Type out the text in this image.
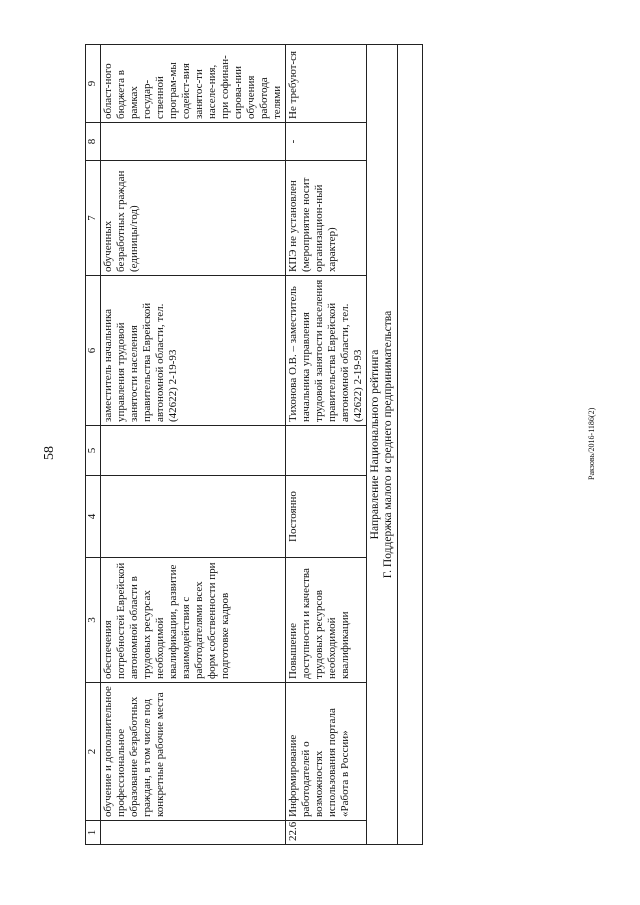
58	Ракзовь/2016-1186(2)
1	2	3	4	5	6	7	8	9
	обучение и дополнительное профессиональное образование безработных граждан, в том числе под конкретные рабочие места	обеспечения потребностей Еврейской автономной области в трудовых ресурсах необходимой квалификации, развитие взаимодействия с работодателями всех форм собственности при подготовке кадров			заместитель начальника управления трудовой занятости населения правительства Еврейской автономной области, тел. (42622) 2-19-93	обученных безработных граждан (единицы/год)		област-ного бюджета в рамках государ-ственной програм-мы содейст-вия занятос-ти населе-ния, при софинан-сирова-нии обучения работода телями
22.6	Информирование работодателей о возможностях использования портала «Работа в России»	Повышение доступности и качества трудовых ресурсов необходимой квалификации	Постоянно		Тихонова О.В. – заместитель начальника управления трудовой занятости населения правительства Еврейской автономной области, тел. (42622) 2-19-93	КПЭ не установлен (мероприятие носит организацион-ный характер)	-	Не требуют-ся

Направление Национального рейтинга Г. Поддержка малого и среднего предпринимательства								
